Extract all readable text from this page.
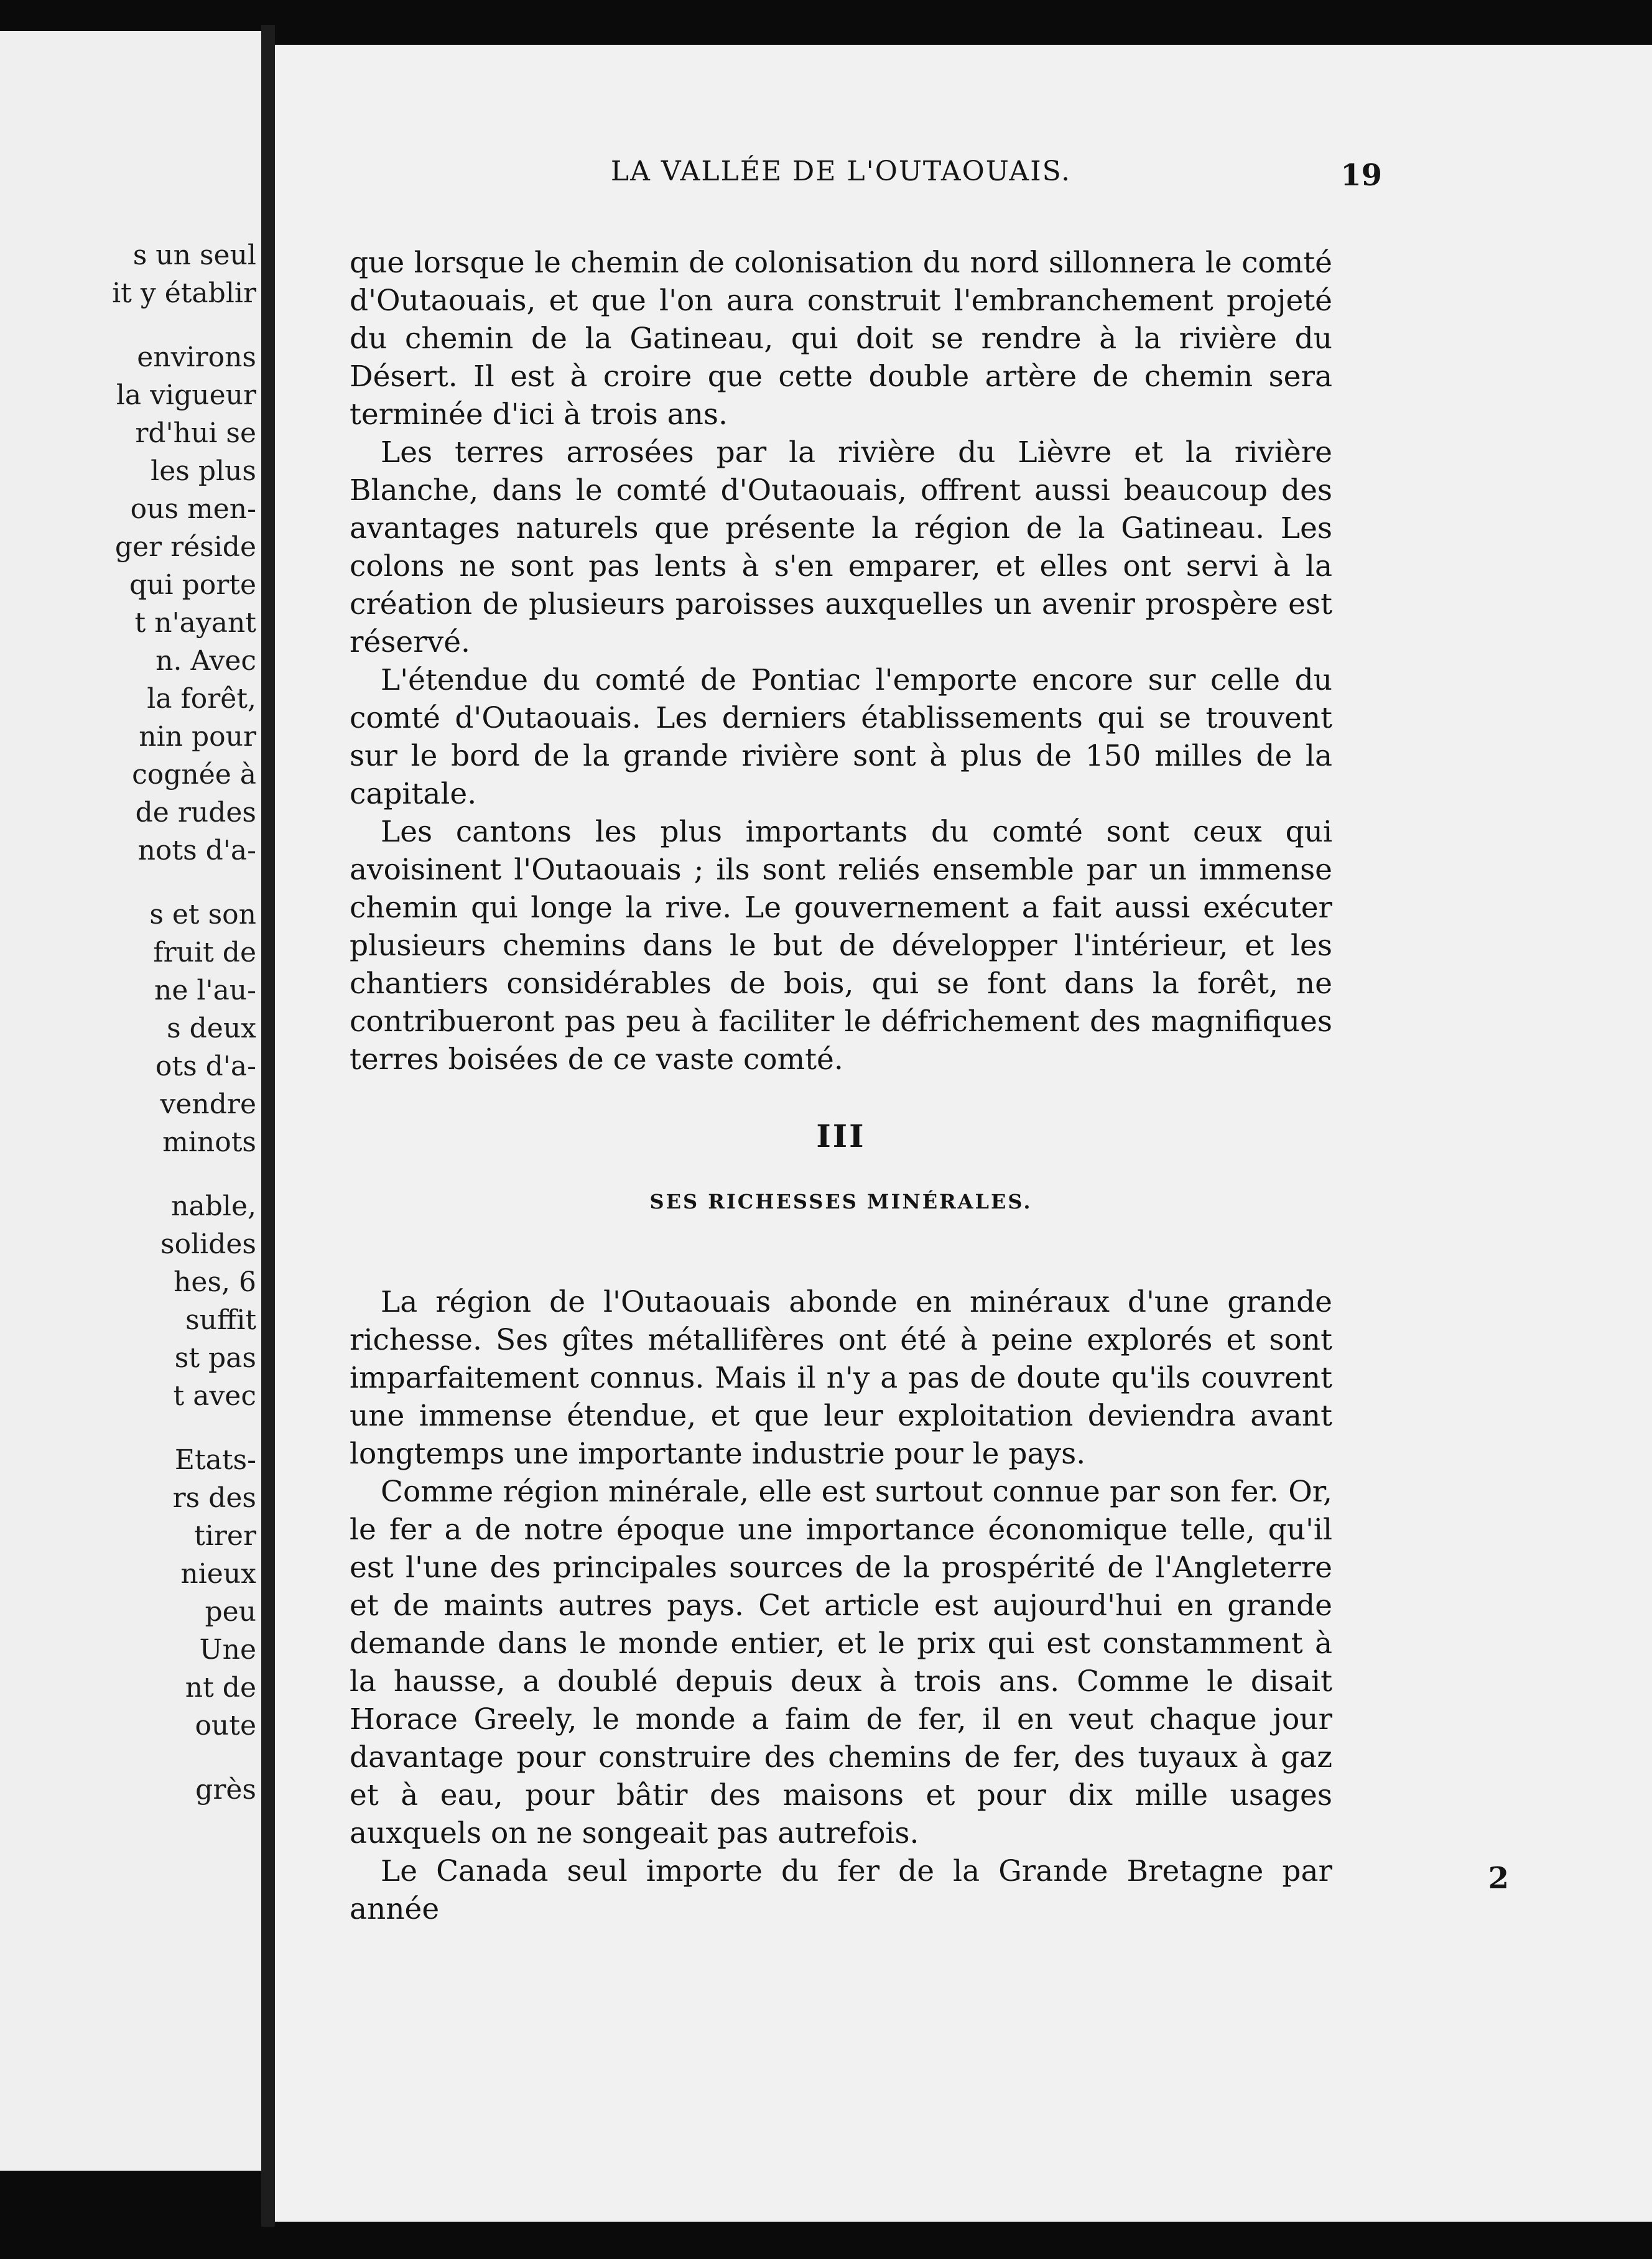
s un seul
it y établir
environs
la vigueur
rd'hui se
les plus
ous men-
ger réside
qui porte
t n'ayant
n. Avec
la forêt,
nin pour
cognée à
de rudes
nots d'a-
s et son
fruit de
ne l'au-
s deux
ots d'a-
vendre
minots
nable,
solides
hes, 6
suffit
st pas
t avec
Etats-
rs des
tirer
nieux
peu
Une
nt de
oute
grès
LA VALLÉE DE L'OUTAOUAIS.	19

que lorsque le chemin de colonisation du nord sillonnera le comté d'Outaouais, et que l'on aura construit l'embranchement projeté du chemin de la Gatineau, qui doit se rendre à la rivière du Désert. Il est à croire que cette double artère de chemin sera terminée d'ici à trois ans.

Les terres arrosées par la rivière du Lièvre et la rivière Blanche, dans le comté d'Outaouais, offrent aussi beaucoup des avantages naturels que présente la région de la Gatineau. Les colons ne sont pas lents à s'en emparer, et elles ont servi à la création de plusieurs paroisses auxquelles un avenir prospère est réservé.

L'étendue du comté de Pontiac l'emporte encore sur celle du comté d'Outaouais. Les derniers établissements qui se trouvent sur le bord de la grande rivière sont à plus de 150 milles de la capitale.

Les cantons les plus importants du comté sont ceux qui avoisinent l'Outaouais ; ils sont reliés ensemble par un immense chemin qui longe la rive. Le gouvernement a fait aussi exécuter plusieurs chemins dans le but de développer l'intérieur, et les chantiers considérables de bois, qui se font dans la forêt, ne contribueront pas peu à faciliter le défrichement des magnifiques terres boisées de ce vaste comté.

III
SES RICHESSES MINÉRALES.

La région de l'Outaouais abonde en minéraux d'une grande richesse. Ses gîtes métallifères ont été à peine explorés et sont imparfaitement connus. Mais il n'y a pas de doute qu'ils couvrent une immense étendue, et que leur exploitation deviendra avant longtemps une importante industrie pour le pays.

Comme région minérale, elle est surtout connue par son fer. Or, le fer a de notre époque une importance économique telle, qu'il est l'une des principales sources de la prospérité de l'Angleterre et de maints autres pays. Cet article est aujourd'hui en grande demande dans le monde entier, et le prix qui est constamment à la hausse, a doublé depuis deux à trois ans. Comme le disait Horace Greely, le monde a faim de fer, il en veut chaque jour davantage pour construire des chemins de fer, des tuyaux à gaz et à eau, pour bâtir des maisons et pour dix mille usages auxquels on ne songeait pas autrefois.

Le Canada seul importe du fer de la Grande Bretagne par année

2
